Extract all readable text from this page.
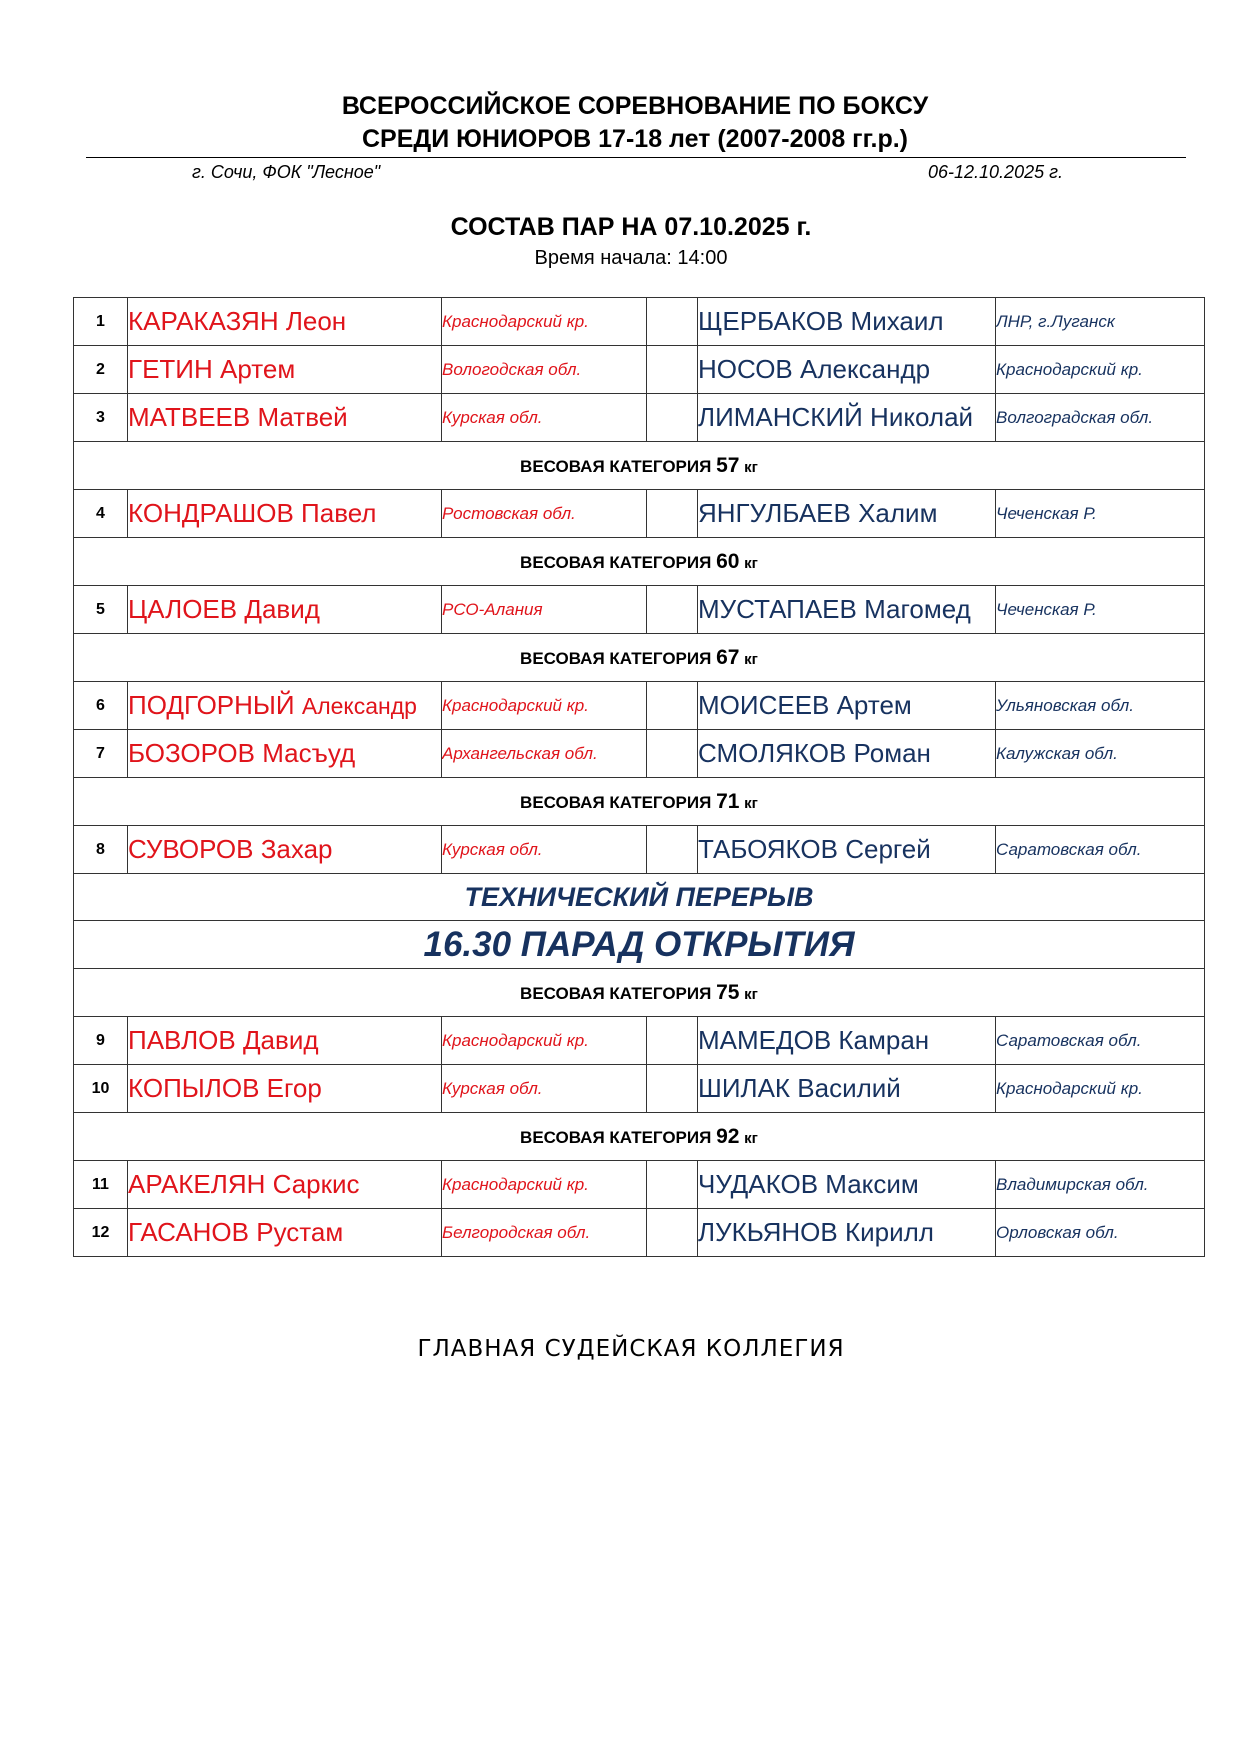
ВСЕРОССИЙСКОЕ СОРЕВНОВАНИЕ ПО БОКСУ
СРЕДИ ЮНИОРОВ 17-18 лет (2007-2008 гг.р.)
г. Сочи, ФОК "Лесное"	06-12.10.2025 г.
СОСТАВ ПАР НА 07.10.2025 г.
Время начала: 14:00
1	КАРАКАЗЯН Леон	Краснодарский кр.		ЩЕРБАКОВ Михаил	ЛНР, г.Луганск
2	ГЕТИН Артем	Вологодская обл.		НОСОВ Александр	Краснодарский кр.
3	МАТВЕЕВ Матвей	Курская обл.		ЛИМАНСКИЙ Николай	Волгоградская обл.
ВЕСОВАЯ КАТЕГОРИЯ 57 кг					
4	КОНДРАШОВ Павел	Ростовская обл.		ЯНГУЛБАЕВ Халим	Чеченская Р.
ВЕСОВАЯ КАТЕГОРИЯ 60 кг					
5	ЦАЛОЕВ Давид	РСО-Алания		МУСТАПАЕВ Магомед	Чеченская Р.
ВЕСОВАЯ КАТЕГОРИЯ 67 кг					
6	ПОДГОРНЫЙ Александр	Краснодарский кр.		МОИСЕЕВ Артем	Ульяновская обл.
7	БОЗОРОВ Масъуд	Архангельская обл.		СМОЛЯКОВ Роман	Калужская обл.
ВЕСОВАЯ КАТЕГОРИЯ 71 кг					
8	СУВОРОВ Захар	Курская обл.		ТАБОЯКОВ Сергей	Саратовская обл.
ТЕХНИЧЕСКИЙ ПЕРЕРЫВ					
16.30 ПАРАД ОТКРЫТИЯ					
ВЕСОВАЯ КАТЕГОРИЯ 75 кг					
9	ПАВЛОВ Давид	Краснодарский кр.		МАМЕДОВ Камран	Саратовская обл.
10	КОПЫЛОВ Егор	Курская обл.		ШИЛАК Василий	Краснодарский кр.
ВЕСОВАЯ КАТЕГОРИЯ 92 кг					
11	АРАКЕЛЯН Саркис	Краснодарский кр.		ЧУДАКОВ Максим	Владимирская обл.
12	ГАСАНОВ Рустам	Белгородская обл.		ЛУКЬЯНОВ Кирилл	Орловская обл.
ГЛАВНАЯ СУДЕЙСКАЯ КОЛЛЕГИЯ
